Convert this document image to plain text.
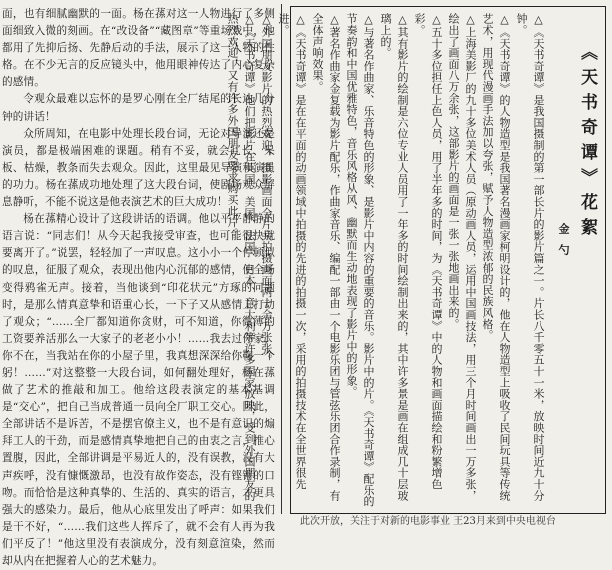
面，也有细腻幽默的一面。杨在蓀对这一人物进行了多侧面细致入微的刻画。在“改设备”“藏图章”等重场戏中，他都用了先抑后扬、先静后动的手法，展示了这一人物的性格。在不少无言的反应镜头中，他用眼神传达了内心复杂的感情。

令观众最难以忘怀的是罗心刚在全厂结尾的长达几分钟的讲话！

众所周知，在电影中处理长段台词，无论对导演还是演员，都是极端困难的课题。稍有不妥，就会冗长、呆板、枯燥，教条而失去观众。因此，这里最见导演和演员的功力。杨在蓀成功地处理了这大段台词，使剧场观众屏息静听，不能不说这是他表演艺术的巨大成功！

杨在蓀精心设计了这段讲话的语调。他以平平静静的语言说：“同志们！从今天起我接受审查，也可能很快就要离开了。”说罢，轻轻加了一声叹息。这小小一个停顿似的叹息，征服了观众，表现出他内心沉郁的感情，使全场变得鸦雀无声。接着，当他谈到“印花状元”方琢的问题时，是那么情真意挚和语重心长，一下子又从感情上打动了观众；“……全厂都知道你贪财，可不知道，你微薄的工资要养活那么一大家子的老老小小！……我去过你家，你不在，当我站在你的小屋子里，我真想深深给你鞠一个躬！……”对这整整一大段台词，如何翻处理好，杨在蓀做了艺术的推敲和加工。他给这段表演定的基本基调是“交心”，把自己当成普通一员向全厂职工交心。因此，全部讲话不是诉苦，不是摆官僚主义，也不是有意识的煽拜工人的干劲，而是感情真挚地把自己的由衷之言，推心置腹，因此，全部讲调是平易近人的，没有误教，没有大声疾呼，没有慷慨激昂，也没有故作姿态，没有铿锵的口吻。而恰恰是这种真挚的、生活的、真实的语言，才更具强大的感染力。最后，他从心底里发出了呼声：如果我们是干不好，“……我们这些人挥斥了，就不会有人再为我们平反了！”他这里没有表演成分，没有刻意渲染，然而却从内在把握着人心的艺术魅力。

《天书奇谭》花絮

金勺

△《天书奇谭》是我国摄制的第一部长片的影片篇之一。片长八千零五十一米，放映时间近九十分钟。

△《天书奇谭》的人物造型是我国著名漫画家柯明设计的，他在人物造型上吸收了民间玩具等传统艺术，用现代漫画手法加以夸张，赋予人物造型浓郁的民族风格。

△上海美影厂的九十多位美术人员（原动画人员，运用中国画技法，用三个月时间画出一万多张，绘出了画面八万余张，这部影片的画面是一张一张地画出来的。

△五十多位担任上色人员，用了半年多的时间，为《天书奇谭》中的人物和画面描绘和粉繁增色彩。

△其有影片的绘制是六位专业人员用了一年多的时间绘制出来的，其中许多景是画在组成几十层玻璃上的。

△与著名作曲家、乐音特色的形象、是影片中内容的重要的音乐。影片中的片。《天书奇谭》配乐的节奏韵和中国优雅特色，音乐风格从风、幽默而生动地表现了影片中的形象。

△著名作曲家金复载为影片配乐，作曲家音乐、编配一部由一个电影乐团与管弦乐团合作录制，有全体声响效果。

△《天书奇谭》是在在平面的动画领域中拍摄的先进的拍摄一次，采用的拍摄技术在全世界很先进。

△外国朋友影片的热烈欢迎，摄影画面全片共拍摄画面两十余万张张。

△《天书奇谭》他们把影片在英国、美国、法国、日本、意大利等许多国家放映，受到外国朋友的热烈欢迎，又有许多外国朋友要求购买此片。

此次开放，关注于对新的电影事业 王23月来到中央电视台
